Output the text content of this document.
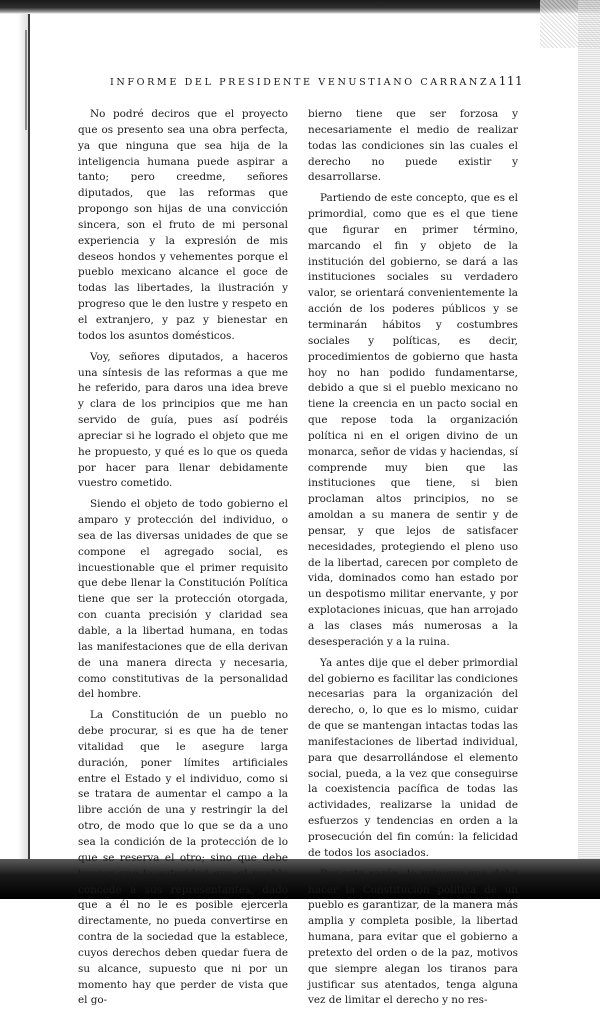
INFORME DEL PRESIDENTE VENUSTIANO CARRANZA 111

No podré deciros que el proyecto que os presento sea una obra perfecta, ya que ninguna que sea hija de la inteligencia humana puede aspirar a tanto; pero creedme, señores diputados, que las reformas que propongo son hijas de una convicción sincera, son el fruto de mi personal experiencia y la expresión de mis deseos hondos y vehementes porque el pueblo mexicano alcance el goce de todas las libertades, la ilustración y progreso que le den lustre y respeto en el extranjero, y paz y bienestar en todos los asuntos domésticos.

Voy, señores diputados, a haceros una síntesis de las reformas a que me he referido, para daros una idea breve y clara de los principios que me han servido de guía, pues así podréis apreciar si he logrado el objeto que me he propuesto, y qué es lo que os queda por hacer para llenar debidamente vuestro cometido.

Siendo el objeto de todo gobierno el amparo y protección del individuo, o sea de las diversas unidades de que se compone el agregado social, es incuestionable que el primer requisito que debe llenar la Constitución Política tiene que ser la protección otorgada, con cuanta precisión y claridad sea dable, a la libertad humana, en todas las manifestaciones que de ella derivan de una manera directa y necesaria, como constitutivas de la personalidad del hombre.

La Constitución de un pueblo no debe procurar, si es que ha de tener vitalidad que le asegure larga duración, poner límites artificiales entre el Estado y el individuo, como si se tratara de aumentar el campo a la libre acción de una y restringir la del otro, de modo que lo que se da a uno sea la condición de la protección de lo que se reserva el otro; sino que debe buscar que la autoridad que el pueblo concede a sus representantes, dado que a él no le es posible ejercerla directamente, no pueda convertirse en contra de la sociedad que la establece, cuyos derechos deben quedar fuera de su alcance, supuesto que ni por un momento hay que perder de vista que el go-

bierno tiene que ser forzosa y necesariamente el medio de realizar todas las condiciones sin las cuales el derecho no puede existir y desarrollarse.

Partiendo de este concepto, que es el primordial, como que es el que tiene que figurar en primer término, marcando el fin y objeto de la institución del gobierno, se dará a las instituciones sociales su verdadero valor, se orientará convenientemente la acción de los poderes públicos y se terminarán hábitos y costumbres sociales y políticas, es decir, procedimientos de gobierno que hasta hoy no han podido fundamentarse, debido a que si el pueblo mexicano no tiene la creencia en un pacto social en que repose toda la organización política ni en el origen divino de un monarca, señor de vidas y haciendas, sí comprende muy bien que las instituciones que tiene, si bien proclaman altos principios, no se amoldan a su manera de sentir y de pensar, y que lejos de satisfacer necesidades, protegiendo el pleno uso de la libertad, carecen por completo de vida, dominados como han estado por un despotismo militar enervante, y por explotaciones inicuas, que han arrojado a las clases más numerosas a la desesperación y a la ruina.

Ya antes dije que el deber primordial del gobierno es facilitar las condiciones necesarias para la organización del derecho, o, lo que es lo mismo, cuidar de que se mantengan intactas todas las manifestaciones de libertad individual, para que desarrollándose el elemento social, pueda, a la vez que conseguirse la coexistencia pacífica de todas las actividades, realizarse la unidad de esfuerzos y tendencias en orden a la prosecución del fin común: la felicidad de todos los asociados.

Por esta razón, lo primero que debe hacer la Constitución política de un pueblo es garantizar, de la manera más amplia y completa posible, la libertad humana, para evitar que el gobierno a pretexto del orden o de la paz, motivos que siempre alegan los tiranos para justificar sus atentados, tenga alguna vez de limitar el derecho y no res-
